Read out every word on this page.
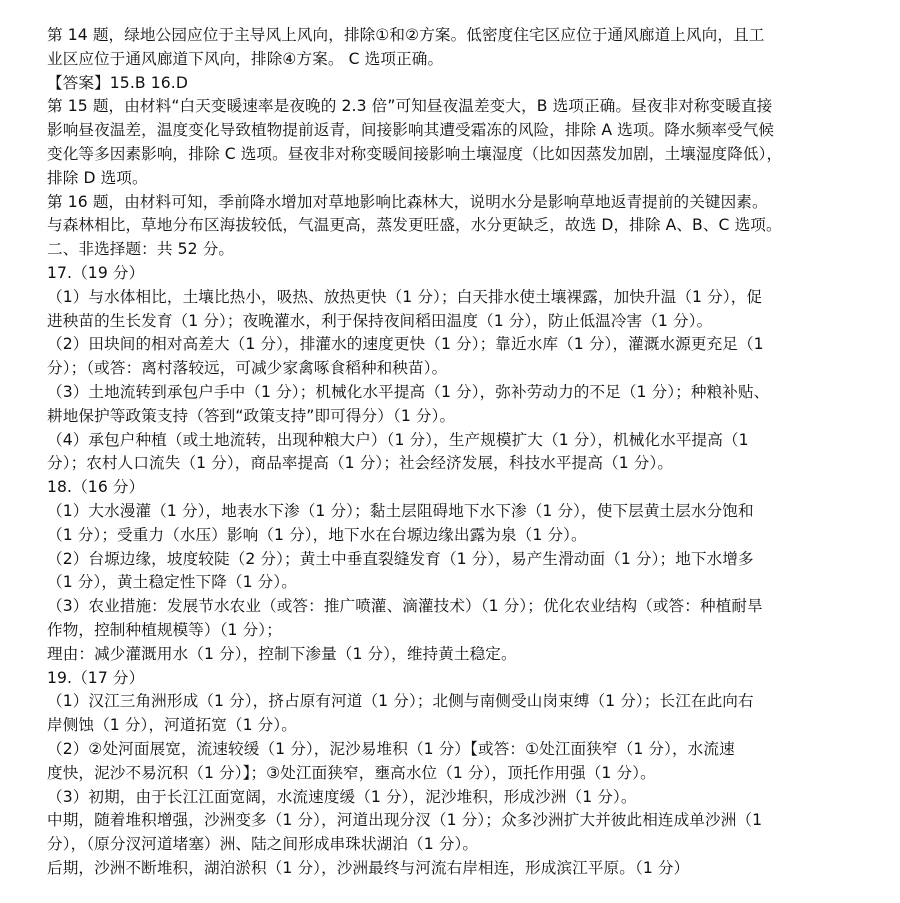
第 14 题，绿地公园应位于主导风上风向，排除①和②方案。低密度住宅区应位于通风廊道上风向，且工
业区应位于通风廊道下风向，排除④方案。 C 选项正确。
【答案】15.B 16.D
第 15 题，由材料“白天变暖速率是夜晚的 2.3 倍”可知昼夜温差变大，B 选项正确。昼夜非对称变暖直接
影响昼夜温差，温度变化导致植物提前返青，间接影响其遭受霜冻的风险，排除 A 选项。降水频率受气候
变化等多因素影响，排除 C 选项。昼夜非对称变暖间接影响土壤湿度（比如因蒸发加剧，土壤湿度降低），
排除 D 选项。
第 16 题，由材料可知，季前降水增加对草地影响比森林大，说明水分是影响草地返青提前的关键因素。
与森林相比，草地分布区海拔较低，气温更高，蒸发更旺盛，水分更缺乏，故选 D，排除 A、B、C 选项。
二、非选择题：共 52 分。
17.（19 分）
（1）与水体相比，土壤比热小，吸热、放热更快（1 分）；白天排水使土壤裸露，加快升温（1 分），促
进秧苗的生长发育（1 分）；夜晚灌水，利于保持夜间稻田温度（1 分），防止低温冷害（1 分）。
（2）田块间的相对高差大（1 分），排灌水的速度更快（1 分）；靠近水库（1 分），灌溉水源更充足（1
分）；（或答：离村落较远，可减少家禽啄食稻种和秧苗）。
（3）土地流转到承包户手中（1 分）；机械化水平提高（1 分），弥补劳动力的不足（1 分）；种粮补贴、
耕地保护等政策支持（答到“政策支持”即可得分）（1 分）。
（4）承包户种植（或土地流转，出现种粮大户）（1 分），生产规模扩大（1 分），机械化水平提高（1
分）；农村人口流失（1 分），商品率提高（1 分）；社会经济发展，科技水平提高（1 分）。
18.（16 分）
（1）大水漫灌（1 分），地表水下渗（1 分）；黏土层阻碍地下水下渗（1 分），使下层黄土层水分饱和
（1 分）；受重力（水压）影响（1 分），地下水在台塬边缘出露为泉（1 分）。
（2）台塬边缘，坡度较陡（2 分）；黄土中垂直裂缝发育（1 分），易产生滑动面（1 分）；地下水增多
（1 分），黄土稳定性下降（1 分）。
（3）农业措施：发展节水农业（或答：推广喷灌、滴灌技术）（1 分）；优化农业结构（或答：种植耐旱
作物，控制种植规模等）（1 分）；
理由：减少灌溉用水（1 分），控制下渗量（1 分），维持黄土稳定。
19.（17 分）
（1）汉江三角洲形成（1 分），挤占原有河道（1 分）；北侧与南侧受山岗束缚（1 分）；长江在此向右
岸侧蚀（1 分），河道拓宽（1 分）。
（2）②处河面展宽，流速较缓（1 分），泥沙易堆积（1 分）【或答：①处江面狭窄（1 分），水流速
度快，泥沙不易沉积（1 分）】；③处江面狭窄，壅高水位（1 分），顶托作用强（1 分）。
（3）初期，由于长江江面宽阔，水流速度缓（1 分），泥沙堆积，形成沙洲（1 分）。
中期，随着堆积增强，沙洲变多（1 分），河道出现分汊（1 分）；众多沙洲扩大并彼此相连成单沙洲（1
分），（原分汊河道堵塞）洲、陆之间形成串珠状湖泊（1 分）。
后期，沙洲不断堆积，湖泊淤积（1 分），沙洲最终与河流右岸相连，形成滨江平原。（1 分）
